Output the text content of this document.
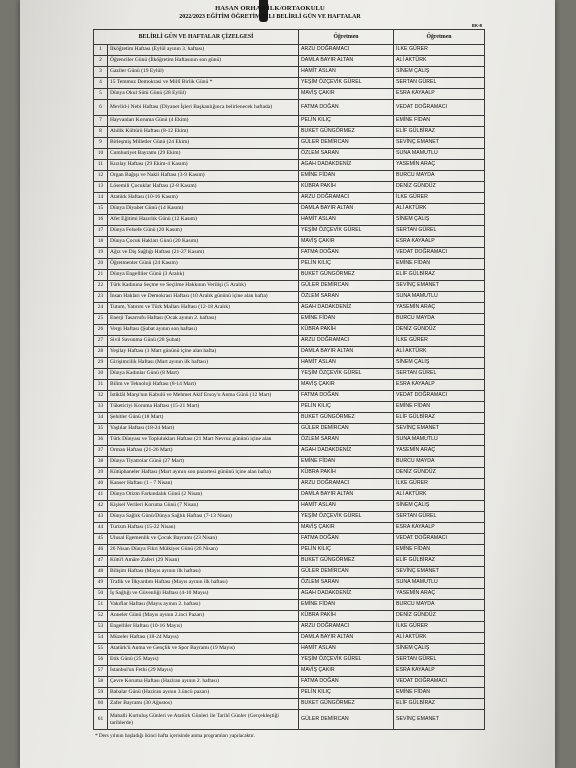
HASAN ORHAN İLK/ORTAOKULU
2022/2023 EĞİTİM ÖĞRETİM YILI BELİRLİ GÜN VE HAFTALAR
EK-8
BELİRLİ GÜN VE HAFTALAR ÇİZELGESİ		Öğretmen	Öğretmen
1	İlköğretim Haftası (Eylül ayının 3. haftası)	ARZU DOĞRAMACI	İLKE GÜRER
2	Öğrenciler Günü (İlköğretim Haftasının son günü)	DAMLA BAYIR ALTAN	ALİ AKTÜRK
3	Gaziler Günü (19 Eylül)	HAMİT ASLAN	SİNEM ÇALIŞ
4	15 Temmuz Demokrasi ve Millî Birlik Günü *	YEŞİM ÖZÇEVİK GÜREL	SERTAN GÜREL
5	Dünya Okul Sütü Günü (28 Eylül)	MAVİŞ ÇAKIR	ESRA KAYAALP
6	Mevlid-i Nebi Haftası (Diyanet İşleri Başkanlığınca belirlenecek haftada)	FATMA DOĞAN	VEDAT DOĞRAMACI
7	Hayvanları Koruma Günü (4 Ekim)	PELİN KILIÇ	EMİNE FİDAN
8	Ahilik Kültürü Haftası (8-12 Ekim)	BUKET GÜNGÖRMEZ	ELİF GÜLBİRAZ
9	Birleşmiş Milletler Günü (24 Ekim)	GÜLER DEMİRCAN	SEVİNÇ EMANET
10	Cumhuriyet Bayramı (29 Ekim)	ÖZLEM SARAN	SUNA MAMUTLU
11	Kızılay Haftası (29 Ekim-4 Kasım)	AGAH DADAKDENİZ	YASEMİN ARAÇ
12	Organ Bağışı ve Nakli Haftası (3-9 Kasım)	EMİNE FİDAN	BURCU MAYDA
13	Lösemili Çocuklar Haftası (2-8 Kasım)	KÜBRA PAKİH	DENİZ GÜNDÜZ
14	Atatürk Haftası (10-16 Kasım)	ARZU DOĞRAMACI	İLKE GÜRER
15	Dünya Diyabet Günü (14 Kasım)	DAMLA BAYIR ALTAN	ALİ AKTÜRK
16	Afet Eğitimi Hazırlık Günü (12 Kasım)	HAMİT ASLAN	SİNEM ÇALIŞ
17	Dünya Felsefe Günü (20 Kasım)	YEŞİM ÖZÇEVİK GÜREL	SERTAN GÜREL
18	Dünya Çocuk Hakları Günü (20 Kasım)	MAVİŞ ÇAKIR	ESRA KAYAALP
19	Ağız ve Diş Sağlığı Haftası (21-27 Kasım)	FATMA DOĞAN	VEDAT DOĞRAMACI
20	Öğretmenler Günü (24 Kasım)	PELİN KILIÇ	EMİNE FİDAN
21	Dünya Engelliler Günü (3 Aralık)	BUKET GÜNGÖRMEZ	ELİF GÜLBİRAZ
22	Türk Kadınına Seçme ve Seçilme Hakkının Verilişi (5 Aralık)	GÜLER DEMİRCAN	SEVİNÇ EMANET
23	İnsan Hakları ve Demokrasi Haftası (10 Aralık gününü içine alan hafta)	ÖZLEM SARAN	SUNA MAMUTLU
24	Tutum, Yatırım ve Türk Malları Haftası (12-18 Aralık)	AGAH DADAKDENİZ	YASEMİN ARAÇ
25	Enerji Tasarrufu Haftası (Ocak ayının 2. haftası)	EMİNE FİDAN	BURCU MAYDA
26	Vergi Haftası (Şubat ayının son haftası)	KÜBRA PAKİH	DENİZ GÜNDÜZ
27	Sivil Savunma Günü (28 Şubat)	ARZU DOĞRAMACI	İLKE GÜRER
28	Yeşilay Haftası (1 Mart gününü içine alan hafta)	DAMLA BAYIR ALTAN	ALİ AKTÜRK
29	Girişimcilik Haftası (Mart ayının ilk haftası)	HAMİT ASLAN	SİNEM ÇALIŞ
30	Dünya Kadınlar Günü (8 Mart)	YEŞİM ÖZÇEVİK GÜREL	SERTAN GÜREL
31	Bilim ve Teknoloji Haftası (8-14 Mart)	MAVİŞ ÇAKIR	ESRA KAYAALP
32	İstiklâl Marşı'nın Kabulü ve Mehmet Akif Ersoy'u Anma Günü (12 Mart)	FATMA DOĞAN	VEDAT DOĞRAMACI
33	Tüketiciyi Koruma Haftası (15-21 Mart)	PELİN KILIÇ	EMİNE FİDAN
34	Şehitler Günü (18 Mart)	BUKET GÜNGÖRMEZ	ELİF GÜLBİRAZ
35	Yaşlılar Haftası (18-24 Mart)	GÜLER DEMİRCAN	SEVİNÇ EMANET
36	Türk Dünyası ve Toplulukları Haftası (21 Mart Nevruz gününü içine alan	ÖZLEM SARAN	SUNA MAMUTLU
37	Orman Haftası (21-26 Mart)	AGAH DADAKDENİZ	YASEMİN ARAÇ
38	Dünya Tiyatrolar Günü (27 Mart)	EMİNE FİDAN	BURCU MAYDA
39	Kütüphaneler Haftası (Mart ayının son pazartesi gününü içine alan hafta)	KÜBRA PAKİH	DENİZ GÜNDÜZ
40	Kanser Haftası (1 - 7 Nisan)	ARZU DOĞRAMACI	İLKE GÜRER
41	Dünya Otizm Farkındalık Günü (2 Nisan)	DAMLA BAYIR ALTAN	ALİ AKTÜRK
42	Kişisel Verileri Koruma Günü (7 Nisan)	HAMİT ASLAN	SİNEM ÇALIŞ
43	Dünya Sağlık Günü/Dünya Sağlık Haftası (7-13 Nisan)	YEŞİM ÖZÇEVİK GÜREL	SERTAN GÜREL
44	Turizm Haftası (15-22 Nisan)	MAVİŞ ÇAKIR	ESRA KAYAALP
45	Ulusal Egemenlik ve Çocuk Bayramı (23 Nisan)	FATMA DOĞAN	VEDAT DOĞRAMACI
46	26 Nisan Dünya Fikri Mülkiyet Günü (26 Nisan)	PELİN KILIÇ	EMİNE FİDAN
47	Kûtü'l Amâre Zaferi (29 Nisan)	BUKET GÜNGÖRMEZ	ELİF GÜLBİRAZ
48	Bilişim Haftası (Mayıs ayının ilk haftası)	GÜLER DEMİRCAN	SEVİNÇ EMANET
49	Trafik ve İlkyardım Haftası (Mayıs ayının ilk haftası)	ÖZLEM SARAN	SUNA MAMUTLU
50	İş Sağlığı ve Güvenliği Haftası (4-10 Mayıs)	AGAH DADAKDENİZ	YASEMİN ARAÇ
51	Vakıflar Haftası (Mayıs ayının 2. haftası)	EMİNE FİDAN	BURCU MAYDA
52	Anneler Günü (Mayıs ayının 2.inci Pazarı)	KÜBRA PAKİH	DENİZ GÜNDÜZ
53	Engelliler Haftası (10-16 Mayıs)	ARZU DOĞRAMACI	İLKE GÜRER
54	Müzeler Haftası (18-24 Mayıs)	DAMLA BAYIR ALTAN	ALİ AKTÜRK
55	Atatürk'ü Anma ve Gençlik ve Spor Bayramı (19 Mayıs)	HAMİT ASLAN	SİNEM ÇALIŞ
56	Etik Günü (25 Mayıs)	YEŞİM ÖZÇEVİK GÜREL	SERTAN GÜREL
57	İstanbul'un Fethi (29 Mayıs)	MAVİŞ ÇAKIR	ESRA KAYAALP
58	Çevre Koruma Haftası (Haziran ayının 2. haftası)	FATMA DOĞAN	VEDAT DOĞRAMACI
59	Babalar Günü (Haziran ayının 3.üncü pazarı)	PELİN KILIÇ	EMİNE FİDAN
60	Zafer Bayramı (30 Ağustos)	BUKET GÜNGÖRMEZ	ELİF GÜLBİRAZ
61	Mahalli Kurtuluş Günleri ve Atatürk Günleri ile Tarihî Günler (Gerçekleştiği tarihlerde)	GÜLER DEMİRCAN	SEVİNÇ EMANET
* Ders yılının başladığı ikinci hafta içerisinde anma programları yapılacaktır.
